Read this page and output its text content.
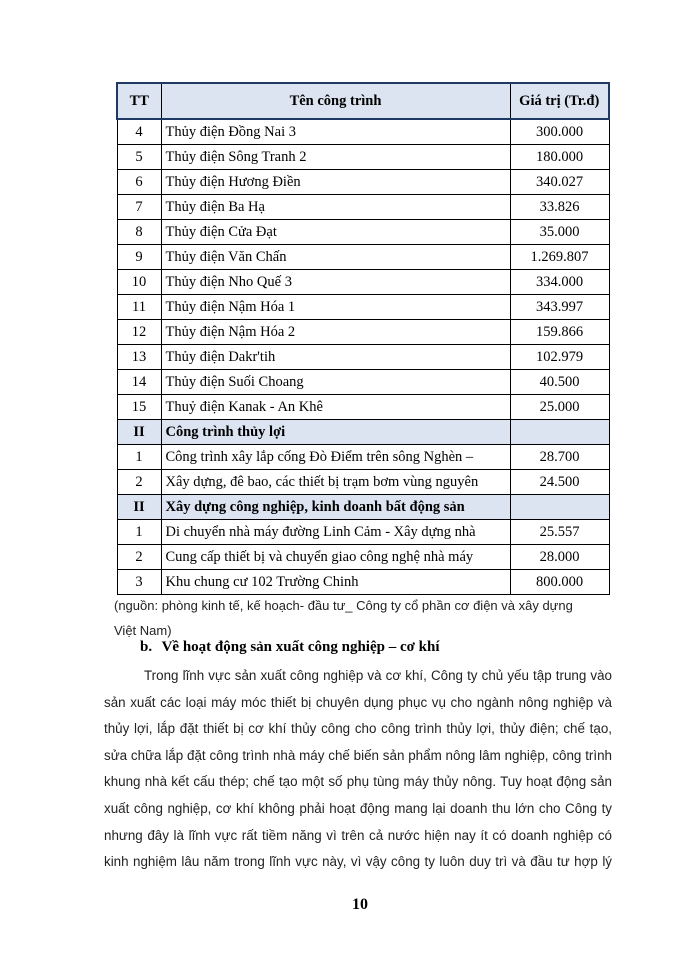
TT	Tên công trình	Giá trị (Tr.đ)
4	Thủy điện Đồng Nai 3	300.000
5	Thủy điện Sông Tranh 2	180.000
6	Thủy điện Hương Điền	340.027
7	Thủy điện Ba Hạ	33.826
8	Thủy điện Cửa Đạt	35.000
9	Thủy điện Văn Chấn	1.269.807
10	Thủy điện Nho Quế 3	334.000
11	Thủy điện Nậm Hóa 1	343.997
12	Thủy điện Nậm Hóa 2	159.866
13	Thủy điện Dakr'tih	102.979
14	Thủy điện Suối Choang	40.500
15	Thuỷ điện Kanak - An Khê	25.000
II	Công trình thủy lợi	
1	Công trình xây lắp cống Đò Điểm trên sông Nghèn –	28.700
2	Xây dựng, đê bao, các thiết bị trạm bơm vùng nguyên	24.500
II	Xây dựng công nghiệp, kinh doanh bất động sản	
1	Di chuyển nhà máy đường Linh Cảm - Xây dựng nhà	25.557
2	Cung cấp thiết bị và chuyển giao công nghệ nhà máy	28.000
3	Khu chung cư 102 Trường Chinh	800.000
(nguồn: phòng kinh tế, kế hoạch- đầu tư_ Công ty cổ phần cơ điện và xây dựng
Việt Nam)
b. Về hoạt động sản xuất công nghiệp – cơ khí
Trong lĩnh vực sản xuất công nghiệp và cơ khí, Công ty chủ yếu tập trung vào
sản xuất các loại máy móc thiết bị chuyên dụng phục vụ cho ngành nông nghiệp và
thủy lợi, lắp đặt thiết bị cơ khí thủy công cho công trình thủy lợi, thủy điện; chế tạo,
sửa chữa lắp đặt công trình nhà máy chế biến sản phẩm nông lâm nghiệp, công trình
khung nhà kết cấu thép; chế tạo một số phụ tùng máy thủy nông. Tuy hoạt động sản
xuất công nghiệp, cơ khí không phải hoạt động mang lại doanh thu lớn cho Công ty
nhưng đây là lĩnh vực rất tiềm năng vì trên cả nước hiện nay ít có doanh nghiệp có
kinh nghiệm lâu năm trong lĩnh vực này, vì vậy công ty luôn duy trì và đầu tư hợp lý
10
